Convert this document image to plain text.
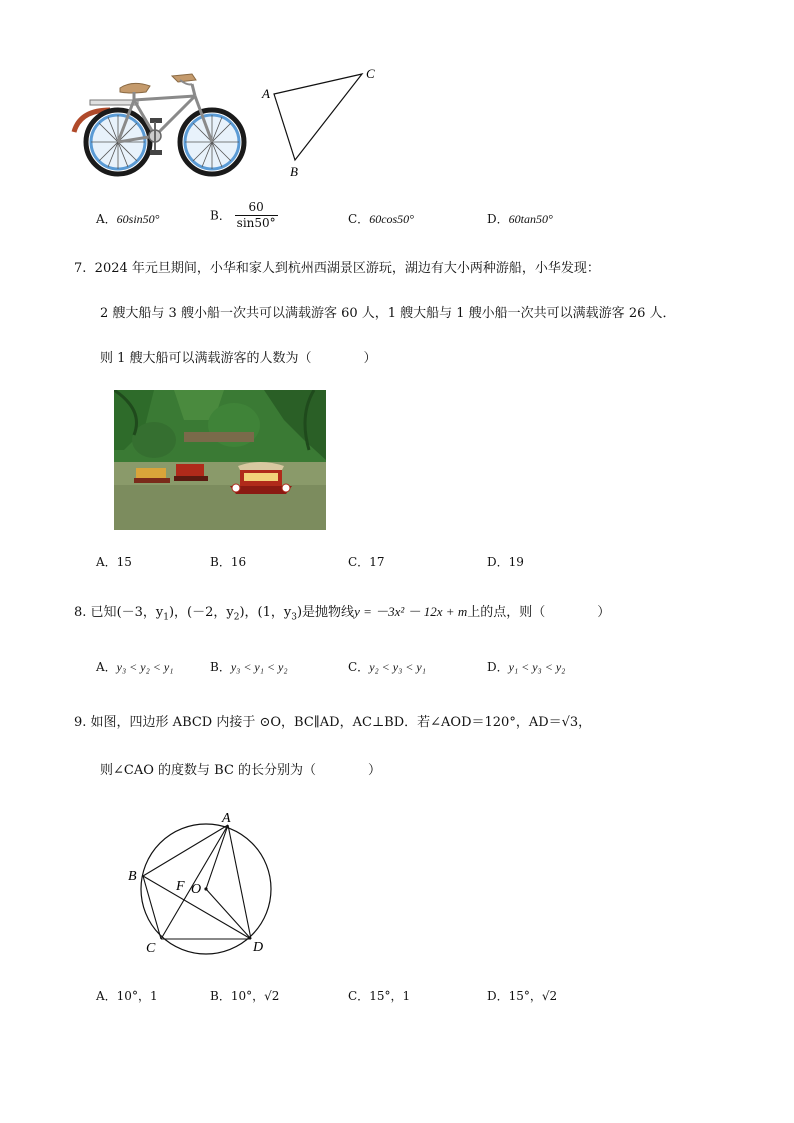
A
C
B
A．60sin50°	B． $\frac{60}{\sin 50^\circ}$	C．60cos50°	D．60tan50°
7. 2024 年元旦期间，小华和家人到杭州西湖景区游玩，湖边有大小两种游船，小华发现：
2 艘大船与 3 艘小船一次共可以满载游客 60 人，1 艘大船与 1 艘小船一次共可以满载游客 26 人．
则 1 艘大船可以满载游客的人数为（　　　　）
A．15	B．16	C．17	D．19
8. 已知(－3，$y_1$)，(－2，$y_2$)，(1，$y_3$)是抛物线y = －3x² － 12x + m上的点，则（　　　　）
A．y₃ < y₂ < y₁	B．y₃ < y₁ < y₂	C．y₂ < y₃ < y₁	D．y₁ < y₃ < y₂
9. 如图，四边形 ABCD 内接于 ⊙O，BC∥AD，AC⊥BD．若∠AOD＝120°，AD＝√3，
则∠CAO 的度数与 BC 的长分别为（　　　　）
A
B
C	D
F O
A．10°，1	B．10°，√2	C．15°，1	D．15°，√2
